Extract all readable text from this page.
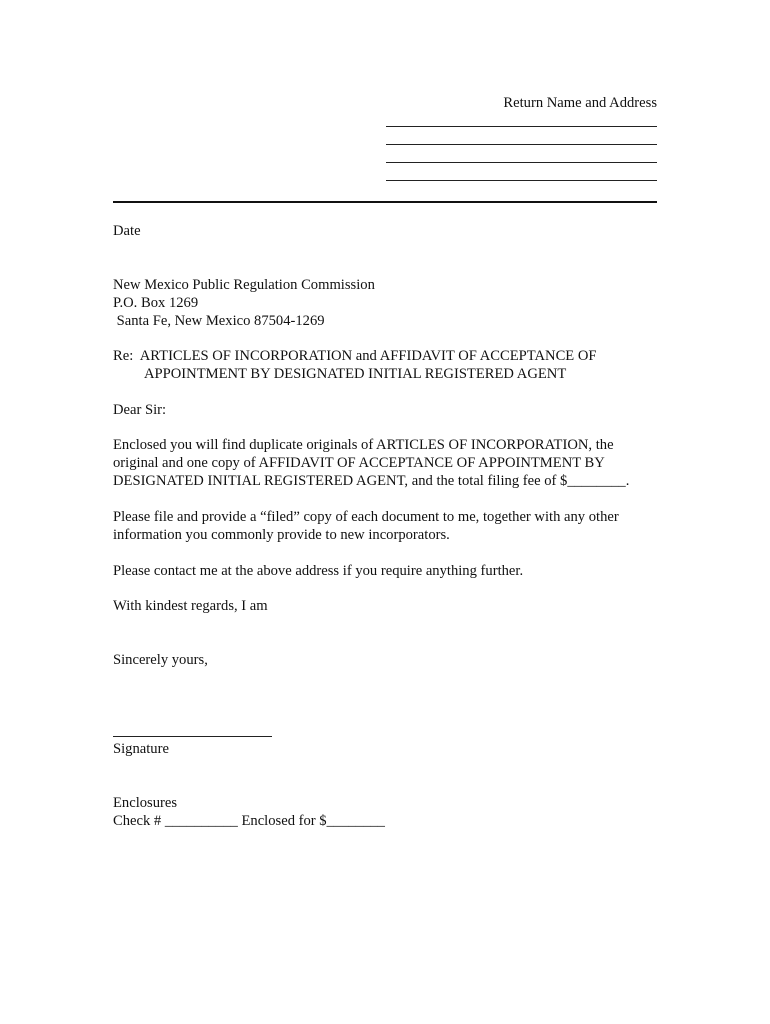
Return Name and Address
Date
New Mexico Public Regulation Commission
P.O. Box 1269
Santa Fe, New Mexico 87504-1269
Re:  ARTICLES OF INCORPORATION and AFFIDAVIT OF ACCEPTANCE OF
APPOINTMENT BY DESIGNATED INITIAL REGISTERED AGENT
Dear Sir:
Enclosed you will find duplicate originals of ARTICLES OF INCORPORATION, the
original and one copy of AFFIDAVIT OF ACCEPTANCE OF APPOINTMENT BY
DESIGNATED INITIAL REGISTERED AGENT, and the total filing fee of $________.
Please file and provide a “filed” copy of each document to me, together with any other
information you commonly provide to new incorporators.
Please contact me at the above address if you require anything further.
With kindest regards, I am
Sincerely yours,
Signature
Enclosures
Check # __________ Enclosed for $________
